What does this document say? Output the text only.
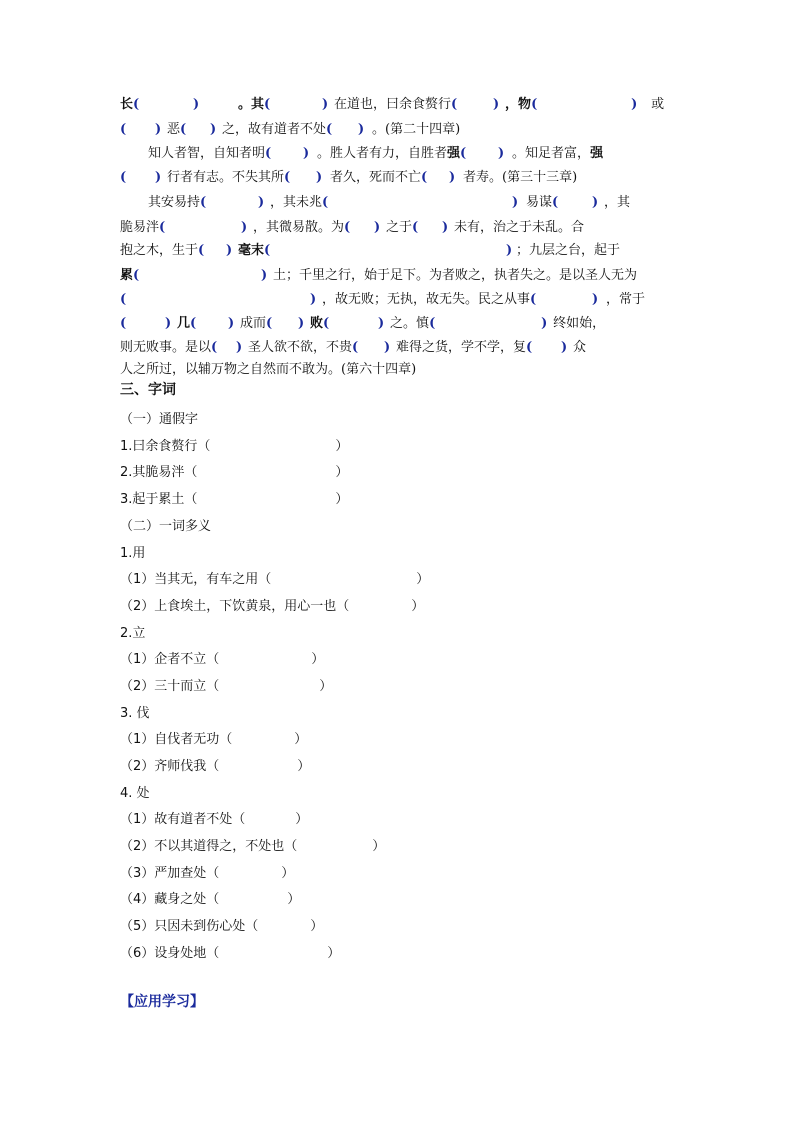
长(	)	。其(	) 在道也，曰余食赘行(	) ，物(	) 或
( ) 恶( ) 之，故有道者不处( ) 。(第二十四章)
知人者智，自知者明( ) 。胜人者有力，自胜者强( ) 。知足者富，强
( ) 行者有志。不失其所( ) 者久，死而不亡( ) 者寿。(第三十三章)
其安易持(	) ，其未兆(	) 易谋(	) ，其
脆易泮(	) ，其微易散。为( ) 之于( ) 未有，治之于未乱。合
抱之木，生于( ) 毫末(	) ；九层之台，起于
累(	) 土；千里之行，始于足下。为者败之，执者失之。是以圣人无为
(	) ，故无败；无执，故无失。民之从事(	) ，常于
(	) 几( ) 成而( ) 败(	) 之。慎(	) 终如始，
则无败事。是以( ) 圣人欲不欲，不贵( ) 难得之货，学不学，复( ) 众
人之所过，以辅万物之自然而不敢为。(第六十四章)
三、字词
（一）通假字
1.曰余食赘行（	）
2.其脆易泮（	）
3.起于累土（	）
（二）一词多义
1.用
（1）当其无，有车之用（	）
（2）上食埃土，下饮黄泉，用心一也（	）
2.立
（1）企者不立（	）
（2）三十而立（	）
3. 伐
（1）自伐者无功（	）
（2）齐师伐我（	）
4. 处
（1）故有道者不处（	）
（2）不以其道得之，不处也（	）
（3）严加查处（	）
（4）藏身之处（	）
（5）只因未到伤心处（	）
（6）设身处地（	）
【应用学习】
